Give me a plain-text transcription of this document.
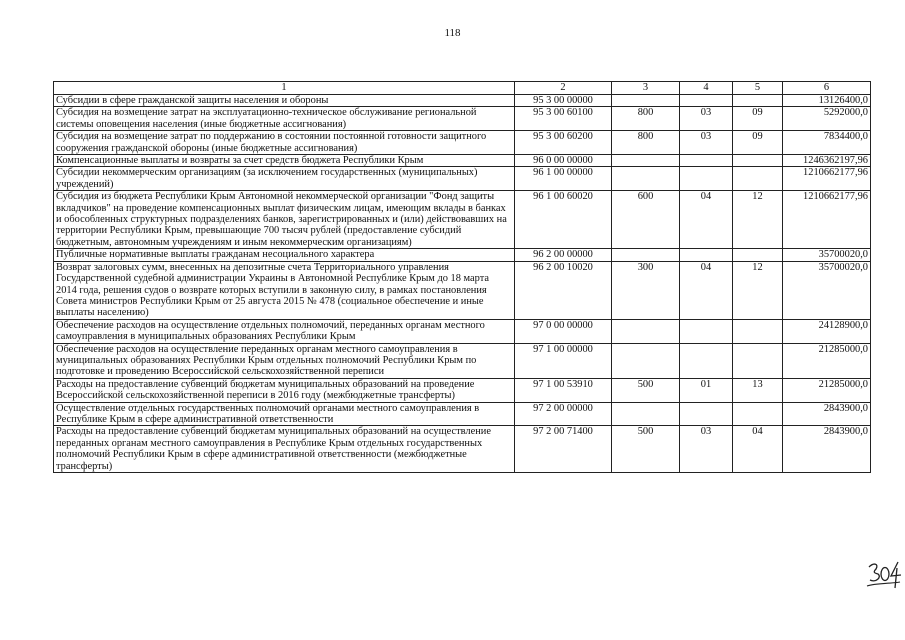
118
1	2	3	4	5	6
Субсидии в сфере гражданской защиты населения и обороны	95 3 00 00000				13126400,0
Субсидия на возмещение затрат на эксплуатационно-техническое обслуживание региональной системы оповещения населения (иные бюджетные ассигнования)	95 3 00 60100	800	03	09	5292000,0
Субсидия на возмещение затрат по поддержанию в состоянии постоянной готовности защитного сооружения гражданской обороны (иные бюджетные ассигнования)	95 3 00 60200	800	03	09	7834400,0
Компенсационные выплаты и возвраты за счет средств бюджета Республики Крым	96 0 00 00000				1246362197,96
Субсидии некоммерческим организациям (за исключением государственных (муниципальных) учреждений)	96 1 00 00000				1210662177,96
Субсидия из бюджета Республики Крым Автономной некоммерческой организации "Фонд защиты вкладчиков" на проведение компенсационных выплат физическим лицам, имеющим вклады в банках и обособленных структурных подразделениях банков, зарегистрированных и (или) действовавших на территории Республики Крым, превышающие 700 тысяч рублей (предоставление субсидий бюджетным, автономным учреждениям и иным некоммерческим организациям)	96 1 00 60020	600	04	12	1210662177,96
Публичные нормативные выплаты гражданам несоциального характера	96 2 00 00000				35700020,0
Возврат залоговых сумм, внесенных на депозитные счета Территориального управления Государственной судебной администрации Украины в Автономной Республике Крым до 18 марта 2014 года, решения судов о возврате которых вступили в законную силу, в рамках постановления Совета министров Республики Крым от 25 августа 2015 № 478 (социальное обеспечение и иные выплаты населению)	96 2 00 10020	300	04	12	35700020,0
Обеспечение расходов на осуществление отдельных полномочий, переданных органам местного самоуправления в муниципальных образованиях Республики Крым	97 0 00 00000				24128900,0
Обеспечение расходов на осуществление переданных органам местного самоуправления в муниципальных образованиях Республики Крым отдельных полномочий Республики Крым по подготовке и проведению Всероссийской сельскохозяйственной переписи	97 1 00 00000				21285000,0
Расходы на предоставление субвенций бюджетам муниципальных образований на проведение Всероссийской сельскохозяйственной переписи в 2016 году (межбюджетные трансферты)	97 1 00 53910	500	01	13	21285000,0
Осуществление отдельных государственных полномочий органами местного самоуправления в Республике Крым в сфере административной ответственности	97 2 00 00000				2843900,0
Расходы на предоставление субвенций бюджетам муниципальных образований на осуществление переданных органам местного самоуправления в Республике Крым отдельных государственных полномочий Республики Крым в сфере административной ответственности (межбюджетные трансферты)	97 2 00 71400	500	03	04	2843900,0
